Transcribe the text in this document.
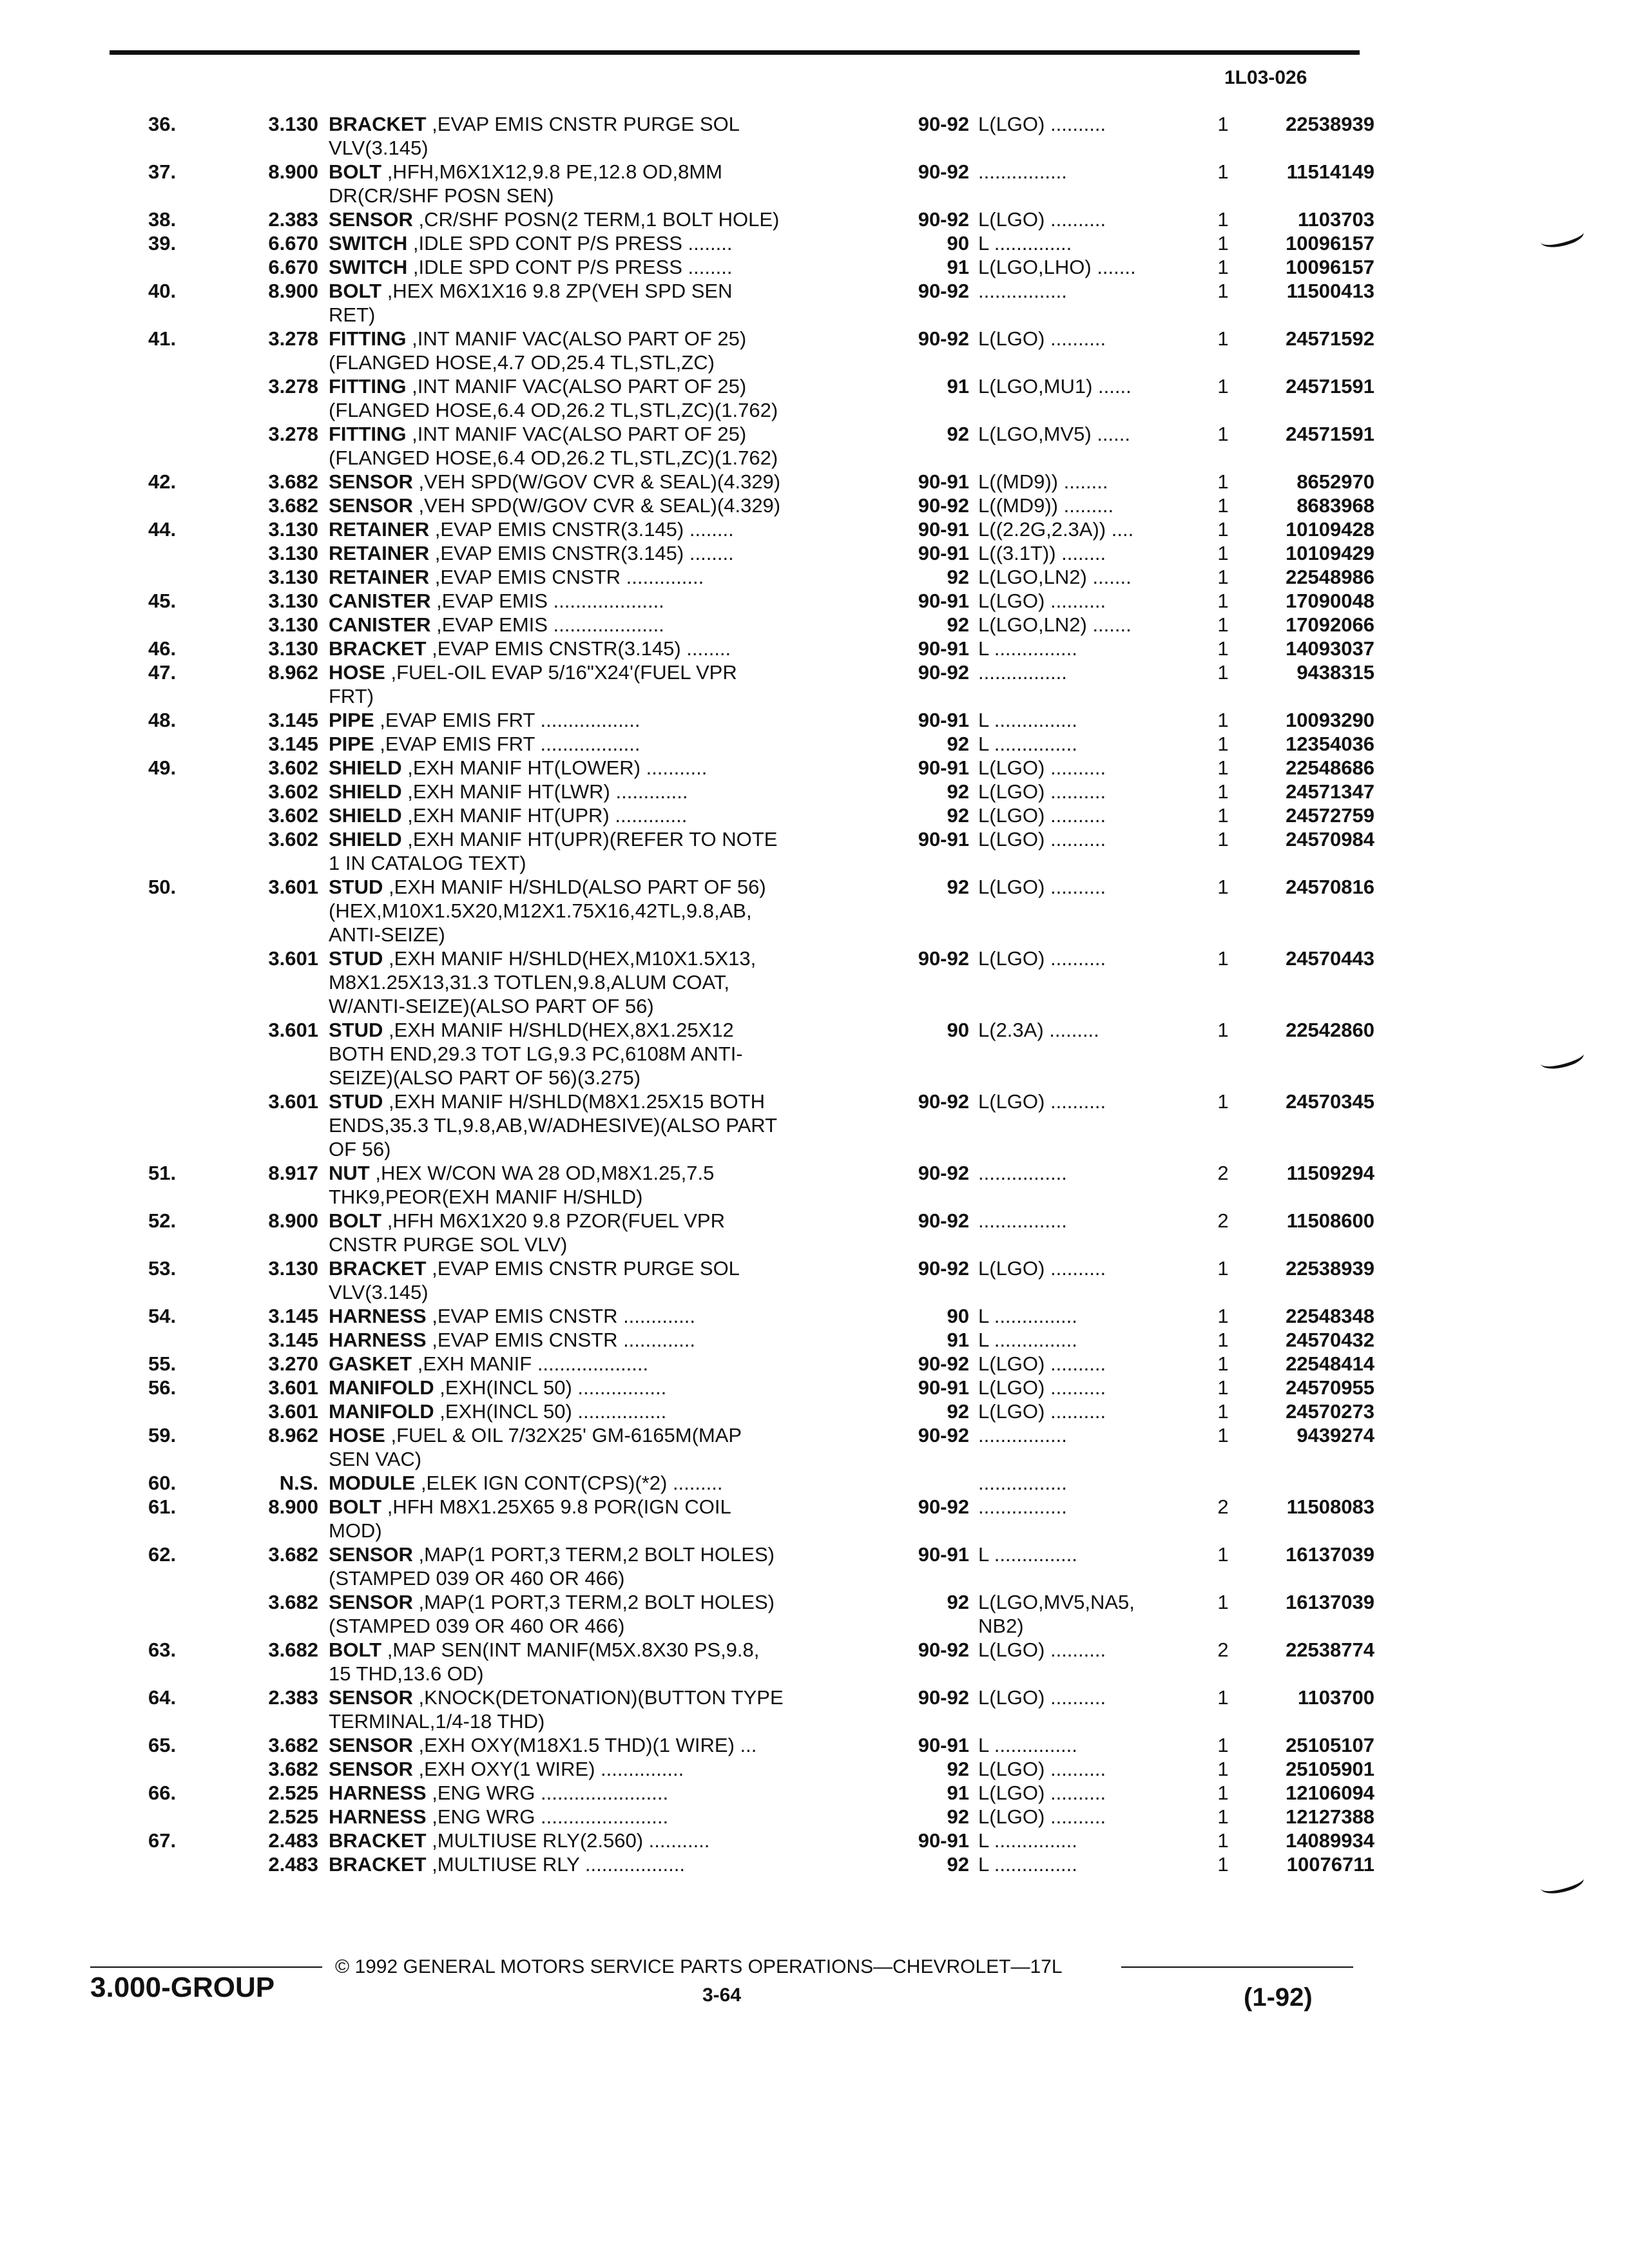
1L03-026
36.	3.130 BRACKET ,EVAP EMIS CNSTR PURGE SOL
VLV(3.145)
90-92 L(LGO) ..........	1	22538939
37.	8.900 BOLT ,HFH,M6X1X12,9.8 PE,12.8 OD,8MM
DR(CR/SHF POSN SEN)
90-92 ................	1	11514149
38.	2.383 SENSOR ,CR/SHF POSN(2 TERM,1 BOLT HOLE)	90-92 L(LGO) ..........	1	1103703
39.	6.670 SWITCH ,IDLE SPD CONT P/S PRESS ........	90 L ..............	1	10096157
6.670 SWITCH ,IDLE SPD CONT P/S PRESS ........	91 L(LGO,LHO) .......	1	10096157
40.	8.900 BOLT ,HEX M6X1X16 9.8 ZP(VEH SPD SEN
RET)
90-92 ................	1	11500413
41.	3.278 FITTING ,INT MANIF VAC(ALSO PART OF 25)
(FLANGED HOSE,4.7 OD,25.4 TL,STL,ZC)
90-92 L(LGO) ..........	1	24571592
3.278 FITTING ,INT MANIF VAC(ALSO PART OF 25)
(FLANGED HOSE,6.4 OD,26.2 TL,STL,ZC)(1.762)
91 L(LGO,MU1) ......	1	24571591
3.278 FITTING ,INT MANIF VAC(ALSO PART OF 25)
(FLANGED HOSE,6.4 OD,26.2 TL,STL,ZC)(1.762)
92 L(LGO,MV5) ......	1	24571591
42.	3.682 SENSOR ,VEH SPD(W/GOV CVR & SEAL)(4.329)	90-91 L((MD9)) ........	1	8652970
3.682 SENSOR ,VEH SPD(W/GOV CVR & SEAL)(4.329)	90-92 L((MD9)) .........	1	8683968
44.	3.130 RETAINER ,EVAP EMIS CNSTR(3.145) ........	90-91 L((2.2G,2.3A)) ....	1	10109428
3.130 RETAINER ,EVAP EMIS CNSTR(3.145) ........	90-91 L((3.1T)) ........	1	10109429
3.130 RETAINER ,EVAP EMIS CNSTR ..............	92 L(LGO,LN2) .......	1	22548986
45.	3.130 CANISTER ,EVAP EMIS ....................	90-91 L(LGO) ..........	1	17090048
3.130 CANISTER ,EVAP EMIS ....................	92 L(LGO,LN2) .......	1	17092066
46.	3.130 BRACKET ,EVAP EMIS CNSTR(3.145) ........	90-91 L ...............	1	14093037
47.	8.962 HOSE ,FUEL-OIL EVAP 5/16"X24'(FUEL VPR
FRT)
90-92 ................	1	9438315
48.	3.145 PIPE ,EVAP EMIS FRT ..................	90-91 L ...............	1	10093290
3.145 PIPE ,EVAP EMIS FRT ..................	92 L ...............	1	12354036
49.	3.602 SHIELD ,EXH MANIF HT(LOWER) ...........	90-91 L(LGO) ..........	1	22548686
3.602 SHIELD ,EXH MANIF HT(LWR) .............	92 L(LGO) ..........	1	24571347
3.602 SHIELD ,EXH MANIF HT(UPR) .............	92 L(LGO) ..........	1	24572759
3.602 SHIELD ,EXH MANIF HT(UPR)(REFER TO NOTE
1 IN CATALOG TEXT)
90-91 L(LGO) ..........	1	24570984
50.	3.601 STUD ,EXH MANIF H/SHLD(ALSO PART OF 56)
(HEX,M10X1.5X20,M12X1.75X16,42TL,9.8,AB,
ANTI-SEIZE)
92 L(LGO) ..........	1	24570816
3.601 STUD ,EXH MANIF H/SHLD(HEX,M10X1.5X13,
M8X1.25X13,31.3 TOTLEN,9.8,ALUM COAT,
W/ANTI-SEIZE)(ALSO PART OF 56)
90-92 L(LGO) ..........	1	24570443
3.601 STUD ,EXH MANIF H/SHLD(HEX,8X1.25X12
BOTH END,29.3 TOT LG,9.3 PC,6108M ANTI-
SEIZE)(ALSO PART OF 56)(3.275)
90 L(2.3A) .........	1	22542860
3.601 STUD ,EXH MANIF H/SHLD(M8X1.25X15 BOTH
ENDS,35.3 TL,9.8,AB,W/ADHESIVE)(ALSO PART
OF 56)
90-92 L(LGO) ..........	1	24570345
51.	8.917 NUT ,HEX W/CON WA 28 OD,M8X1.25,7.5
THK9,PEOR(EXH MANIF H/SHLD)
90-92 ................	2	11509294
52.	8.900 BOLT ,HFH M6X1X20 9.8 PZOR(FUEL VPR
CNSTR PURGE SOL VLV)
90-92 ................	2	11508600
53.	3.130 BRACKET ,EVAP EMIS CNSTR PURGE SOL
VLV(3.145)
90-92 L(LGO) ..........	1	22538939
54.	3.145 HARNESS ,EVAP EMIS CNSTR .............	90 L ...............	1	22548348
3.145 HARNESS ,EVAP EMIS CNSTR .............	91 L ...............	1	24570432
55.	3.270 GASKET ,EXH MANIF ....................	90-92 L(LGO) ..........	1	22548414
56.	3.601 MANIFOLD ,EXH(INCL 50) ................	90-91 L(LGO) ..........	1	24570955
3.601 MANIFOLD ,EXH(INCL 50) ................	92 L(LGO) ..........	1	24570273
59.	8.962 HOSE ,FUEL & OIL 7/32X25' GM-6165M(MAP
SEN VAC)
90-92 ................	1	9439274
60.	N.S. MODULE ,ELEK IGN CONT(CPS)(*2) .........	................
61.	8.900 BOLT ,HFH M8X1.25X65 9.8 POR(IGN COIL
MOD)
90-92 ................	2	11508083
62.	3.682 SENSOR ,MAP(1 PORT,3 TERM,2 BOLT HOLES)
(STAMPED 039 OR 460 OR 466)
90-91 L ...............	1	16137039
3.682 SENSOR ,MAP(1 PORT,3 TERM,2 BOLT HOLES)
(STAMPED 039 OR 460 OR 466)
92 L(LGO,MV5,NA5,
NB2)
1	16137039
63.	3.682 BOLT ,MAP SEN(INT MANIF(M5X.8X30 PS,9.8,
15 THD,13.6 OD)
90-92 L(LGO) ..........	2	22538774
64.	2.383 SENSOR ,KNOCK(DETONATION)(BUTTON TYPE
TERMINAL,1/4-18 THD)
90-92 L(LGO) ..........	1	1103700
65.	3.682 SENSOR ,EXH OXY(M18X1.5 THD)(1 WIRE) ...	90-91 L ...............	1	25105107
3.682 SENSOR ,EXH OXY(1 WIRE) ...............	92 L(LGO) ..........	1	25105901
66.	2.525 HARNESS ,ENG WRG .......................	91 L(LGO) ..........	1	12106094
2.525 HARNESS ,ENG WRG .......................	92 L(LGO) ..........	1	12127388
67.	2.483 BRACKET ,MULTIUSE RLY(2.560) ...........	90-91 L ...............	1	14089934
2.483 BRACKET ,MULTIUSE RLY ..................	92 L ...............	1	10076711
© 1992 GENERAL MOTORS SERVICE PARTS OPERATIONS—CHEVROLET—17L
3.000-GROUP	3-64	(1-92)
